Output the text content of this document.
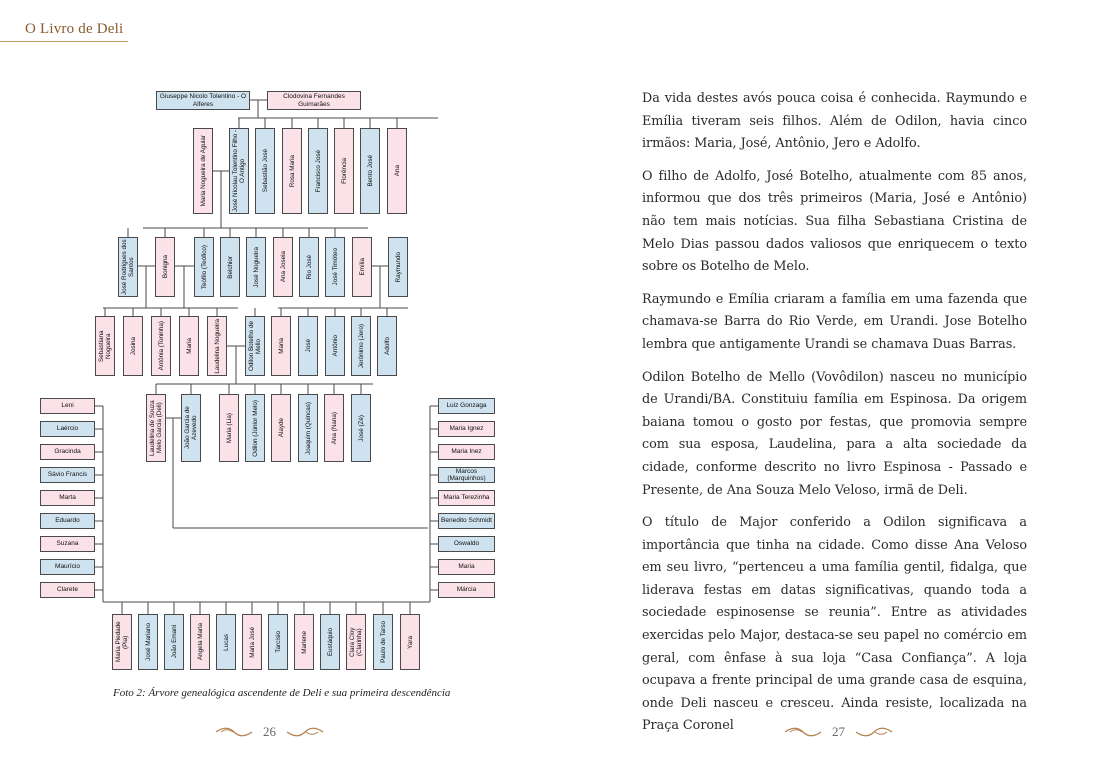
O Livro de Deli
Giuseppe Nicolo Tolentino - O Alferes
Clodovina Fernandes Guimarães
Maria Nogueira de Aguiar	José Nicolau Tolentino Filho - O Antigo Sebastião José	Rosa Maria	Francisco José	Florência	Bento José	Ana
José Rodrigues dos Santos	Bonigna	Teófilo (Teófico)	Belchior	José Nogueira	Ana Joseia	Rio José	José Timóteo	Emília	Raymundo
Sebastiana Nogueira	Josina	Antônia (Toninha)	Maria	Laudelina Nogueira	Odilon Botelho de Mello Maria	José	Antônio	Jerônimo (Jero)	Adolfo
Laudelina de Souza Melo Garcia (Deli)	João Garcia de Azevedo	Maria (Lia)	Odilon (Júnior Melo)	Alayde	Joaquim (Quincas)	Ana (Nana)	José (Zé)
Leni	Luiz Gonzaga
Laércio	Maria Ignez
Gracinda	Maria Inez
Sávio Francis
Marcos (Marquinhos)
Marta	Maria Terezinha
Eduardo	Benedito Schmidt
Suzana	Oswaldo
Maurício	Maria
Clarete	Márcia
Maria Piedade (Pia) José Mariano	João Emani	Angela Maria	Lucas	Maria José	Tarcísio	Marlene	Eustáquio Clara Cloy (Clarinha)	Paulo de Tarso	Yara
Foto 2: Árvore genealógica ascendente de Deli e sua primeira descendência

Da vida destes avós pouca coisa é conhecida. Raymundo e Emília tiveram seis filhos. Além de Odilon, havia cinco irmãos: Maria, José, Antônio, Jero e Adolfo.

O filho de Adolfo, José Botelho, atualmente com 85 anos, informou que dos três primeiros (Maria, José e Antônio) não tem mais notícias. Sua filha Sebastiana Cristina de Melo Dias passou dados valiosos que enriquecem o texto sobre os Botelho de Melo.

Raymundo e Emília criaram a família em uma fazenda que chamava-se Barra do Rio Verde, em Urandi. Jose Botelho lembra que antigamente Urandi se chamava Duas Barras.

Odilon Botelho de Mello (Vovôdilon) nasceu no município de Urandi/BA. Constituiu família em Espinosa. Da origem baiana tomou o gosto por festas, que promovia sempre com sua esposa, Laudelina, para a alta sociedade da cidade, conforme descrito no livro Espinosa - Passado e Presente, de Ana Souza Melo Veloso, irmã de Deli.

O título de Major conferido a Odilon significava a importância que tinha na cidade. Como disse Ana Veloso em seu livro, “pertenceu a uma família gentil, fidalga, que liderava festas em datas significativas, quando toda a sociedade espinosense se reunia”. Entre as atividades exercidas pelo Major, destaca-se seu papel no comércio em geral, com ênfase à sua loja “Casa Confiança”. A loja ocupava a frente principal de uma grande casa de esquina, onde Deli nasceu e cresceu. Ainda resiste, localizada na Praça Coronel

26	27
